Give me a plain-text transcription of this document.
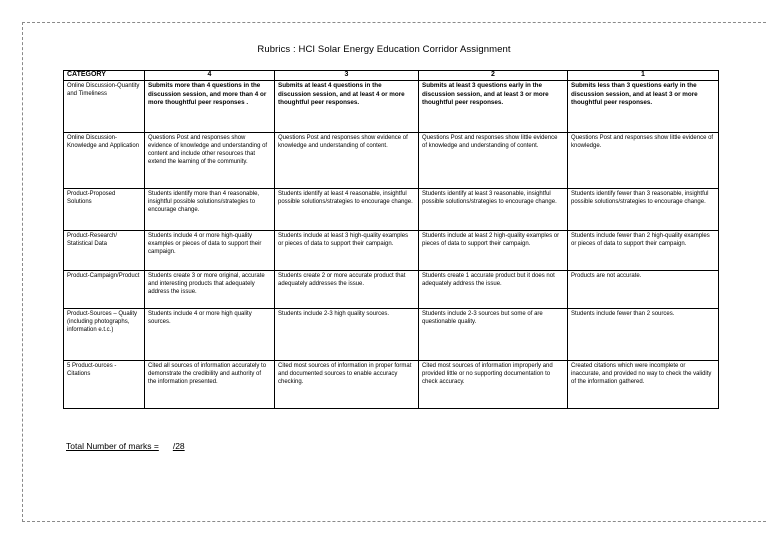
Rubrics : HCI Solar Energy Education Corridor Assignment
CATEGORY	4	3	2	1
Online Discussion-Quantity and Timeliness	Submits more than 4 questions in the discussion session, and more than 4 or more thoughtful peer responses .	Submits at least 4 questions in the discussion session, and at least 4 or more thoughtful peer responses.	Submits at least 3 questions early in the discussion session, and at least 3 or more thoughtful peer responses.	Submits less than 3 questions early in the discussion session, and at least 3 or more thoughtful peer responses.
Online Discussion-Knowledge and Application	Questions Post and responses show evidence of knowledge and understanding of content and include other resources that extend the learning of the community.	Questions Post and responses show evidence of knowledge and understanding of content.	Questions Post and responses show little evidence of knowledge and understanding of content.	Questions Post and responses show little evidence of knowledge.
Product-Proposed Solutions	Students identify more than 4 reasonable, insightful possible solutions/strategies to encourage change.	Students identify at least 4 reasonable, insightful possible solutions/strategies to encourage change.	Students identify at least 3 reasonable, insightful possible solutions/strategies to encourage change.	Students identify fewer than 3 reasonable, insightful possible solutions/strategies to encourage change.
Product-Research/ Statistical Data	Students include 4 or more high-quality examples or pieces of data to support their campaign.	Students include at least 3 high-quality examples or pieces of data to support their campaign.	Students include at least 2 high-quality examples or pieces of data to support their campaign.	Students include fewer than 2 high-quality examples or pieces of data to support their campaign.
Product-Campaign/Product	Students create 3 or more original, accurate and interesting products that adequately address the issue.	Students create 2 or more accurate product that adequately addresses the issue.	Students create 1 accurate product but it does not adequately address the issue.	Products are not accurate.
Product-Sources – Quality (including photographs, information e.t.c.)	Students include 4 or more high quality sources.	Students include 2-3 high quality sources.	Students include 2-3 sources but some of are questionable quality.	Students include fewer than 2 sources.
5 Product-ources - Citations	Cited all sources of information accurately to demonstrate the credibility and authority of the information presented.	Cited most sources of information in proper format and documented sources to enable accuracy checking.	Cited most sources of information improperly and provided little or no supporting documentation to check accuracy.	Created citations which were incomplete or inaccurate, and provided no way to check the validity of the information gathered.
Total Number of marks = /28
